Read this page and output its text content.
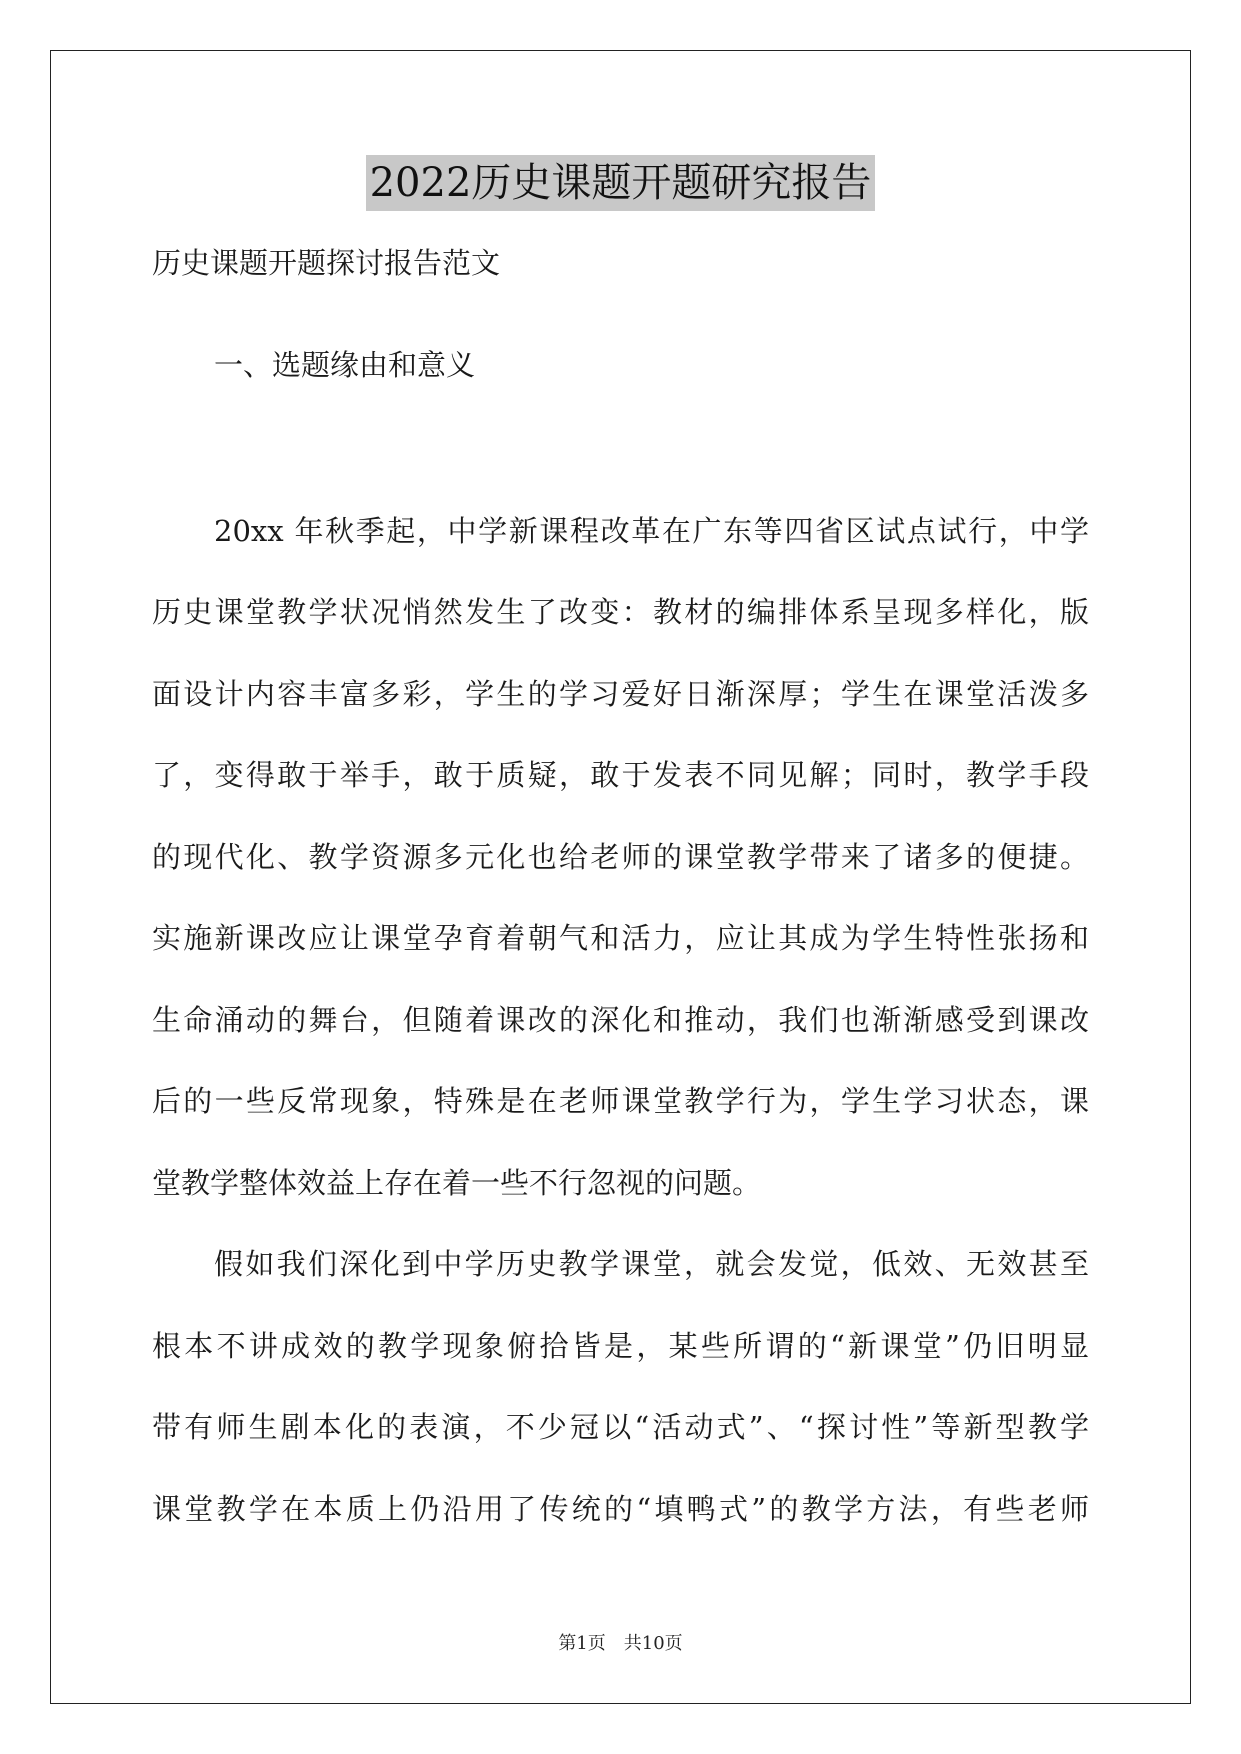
2022历史课题开题研究报告
历史课题开题探讨报告范文
一、选题缘由和意义
20xx 年秋季起，中学新课程改革在广东等四省区试点试行，中学
历史课堂教学状况悄然发生了改变：教材的编排体系呈现多样化，版
面设计内容丰富多彩，学生的学习爱好日渐深厚；学生在课堂活泼多
了，变得敢于举手，敢于质疑，敢于发表不同见解；同时，教学手段
的现代化、教学资源多元化也给老师的课堂教学带来了诸多的便捷。
实施新课改应让课堂孕育着朝气和活力，应让其成为学生特性张扬和
生命涌动的舞台，但随着课改的深化和推动，我们也渐渐感受到课改
后的一些反常现象，特殊是在老师课堂教学行为，学生学习状态，课
堂教学整体效益上存在着一些不行忽视的问题。
假如我们深化到中学历史教学课堂，就会发觉，低效、无效甚至
根本不讲成效的教学现象俯拾皆是，某些所谓的“新课堂”仍旧明显
带有师生剧本化的表演，不少冠以“活动式”、“探讨性”等新型教学
课堂教学在本质上仍沿用了传统的“填鸭式”的教学方法，有些老师
第1页　共10页
